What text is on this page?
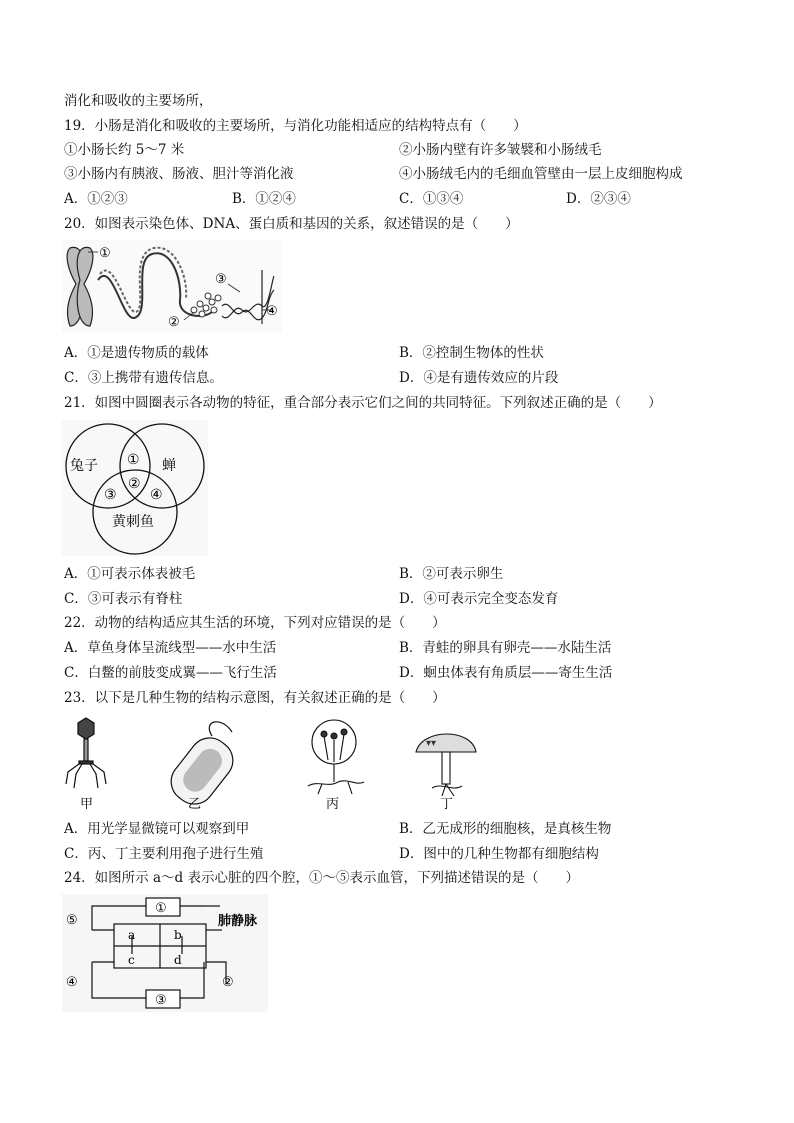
消化和吸收的主要场所，
19．小肠是消化和吸收的主要场所，与消化功能相适应的结构特点有（　　）
①小肠长约 5～7 米	②小肠内壁有许多皱襞和小肠绒毛
③小肠内有胰液、肠液、胆汁等消化液	④小肠绒毛内的毛细血管壁由一层上皮细胞构成
A．①②③	B．①②④	C．①③④	D．②③④
20．如图表示染色体、DNA、蛋白质和基因的关系，叙述错误的是（　　）
①
②
③
④
A．①是遗传物质的载体	B．②控制生物体的性状
C．③上携带有遗传信息。	D．④是有遗传效应的片段
21．如图中圆圈表示各动物的特征，重合部分表示它们之间的共同特征。下列叙述正确的是（　　）
兔子	蝉
黄刺鱼
①
②
③ ④
A．①可表示体表被毛	B．②可表示卵生
C．③可表示有脊柱	D．④可表示完全变态发育
22．动物的结构适应其生活的环境，下列对应错误的是（　　）
A．草鱼身体呈流线型——水中生活	B．青蛙的卵具有卵壳——水陆生活
C．白鳖的前肢变成翼——飞行生活	D．蛔虫体表有角质层——寄生生活
23．以下是几种生物的结构示意图，有关叙述正确的是（　　）
甲	乙	丙
▾▾
丁
A．用光学显微镜可以观察到甲	B．乙无成形的细胞核，是真核生物
C．丙、丁主要利用孢子进行生殖	D．图中的几种生物都有细胞结构
24．如图所示 a～d 表示心脏的四个腔，①～⑤表示血管，下列描述错误的是（　　）
①
③
⑤
④	②
肺静脉
a	b
c	d
